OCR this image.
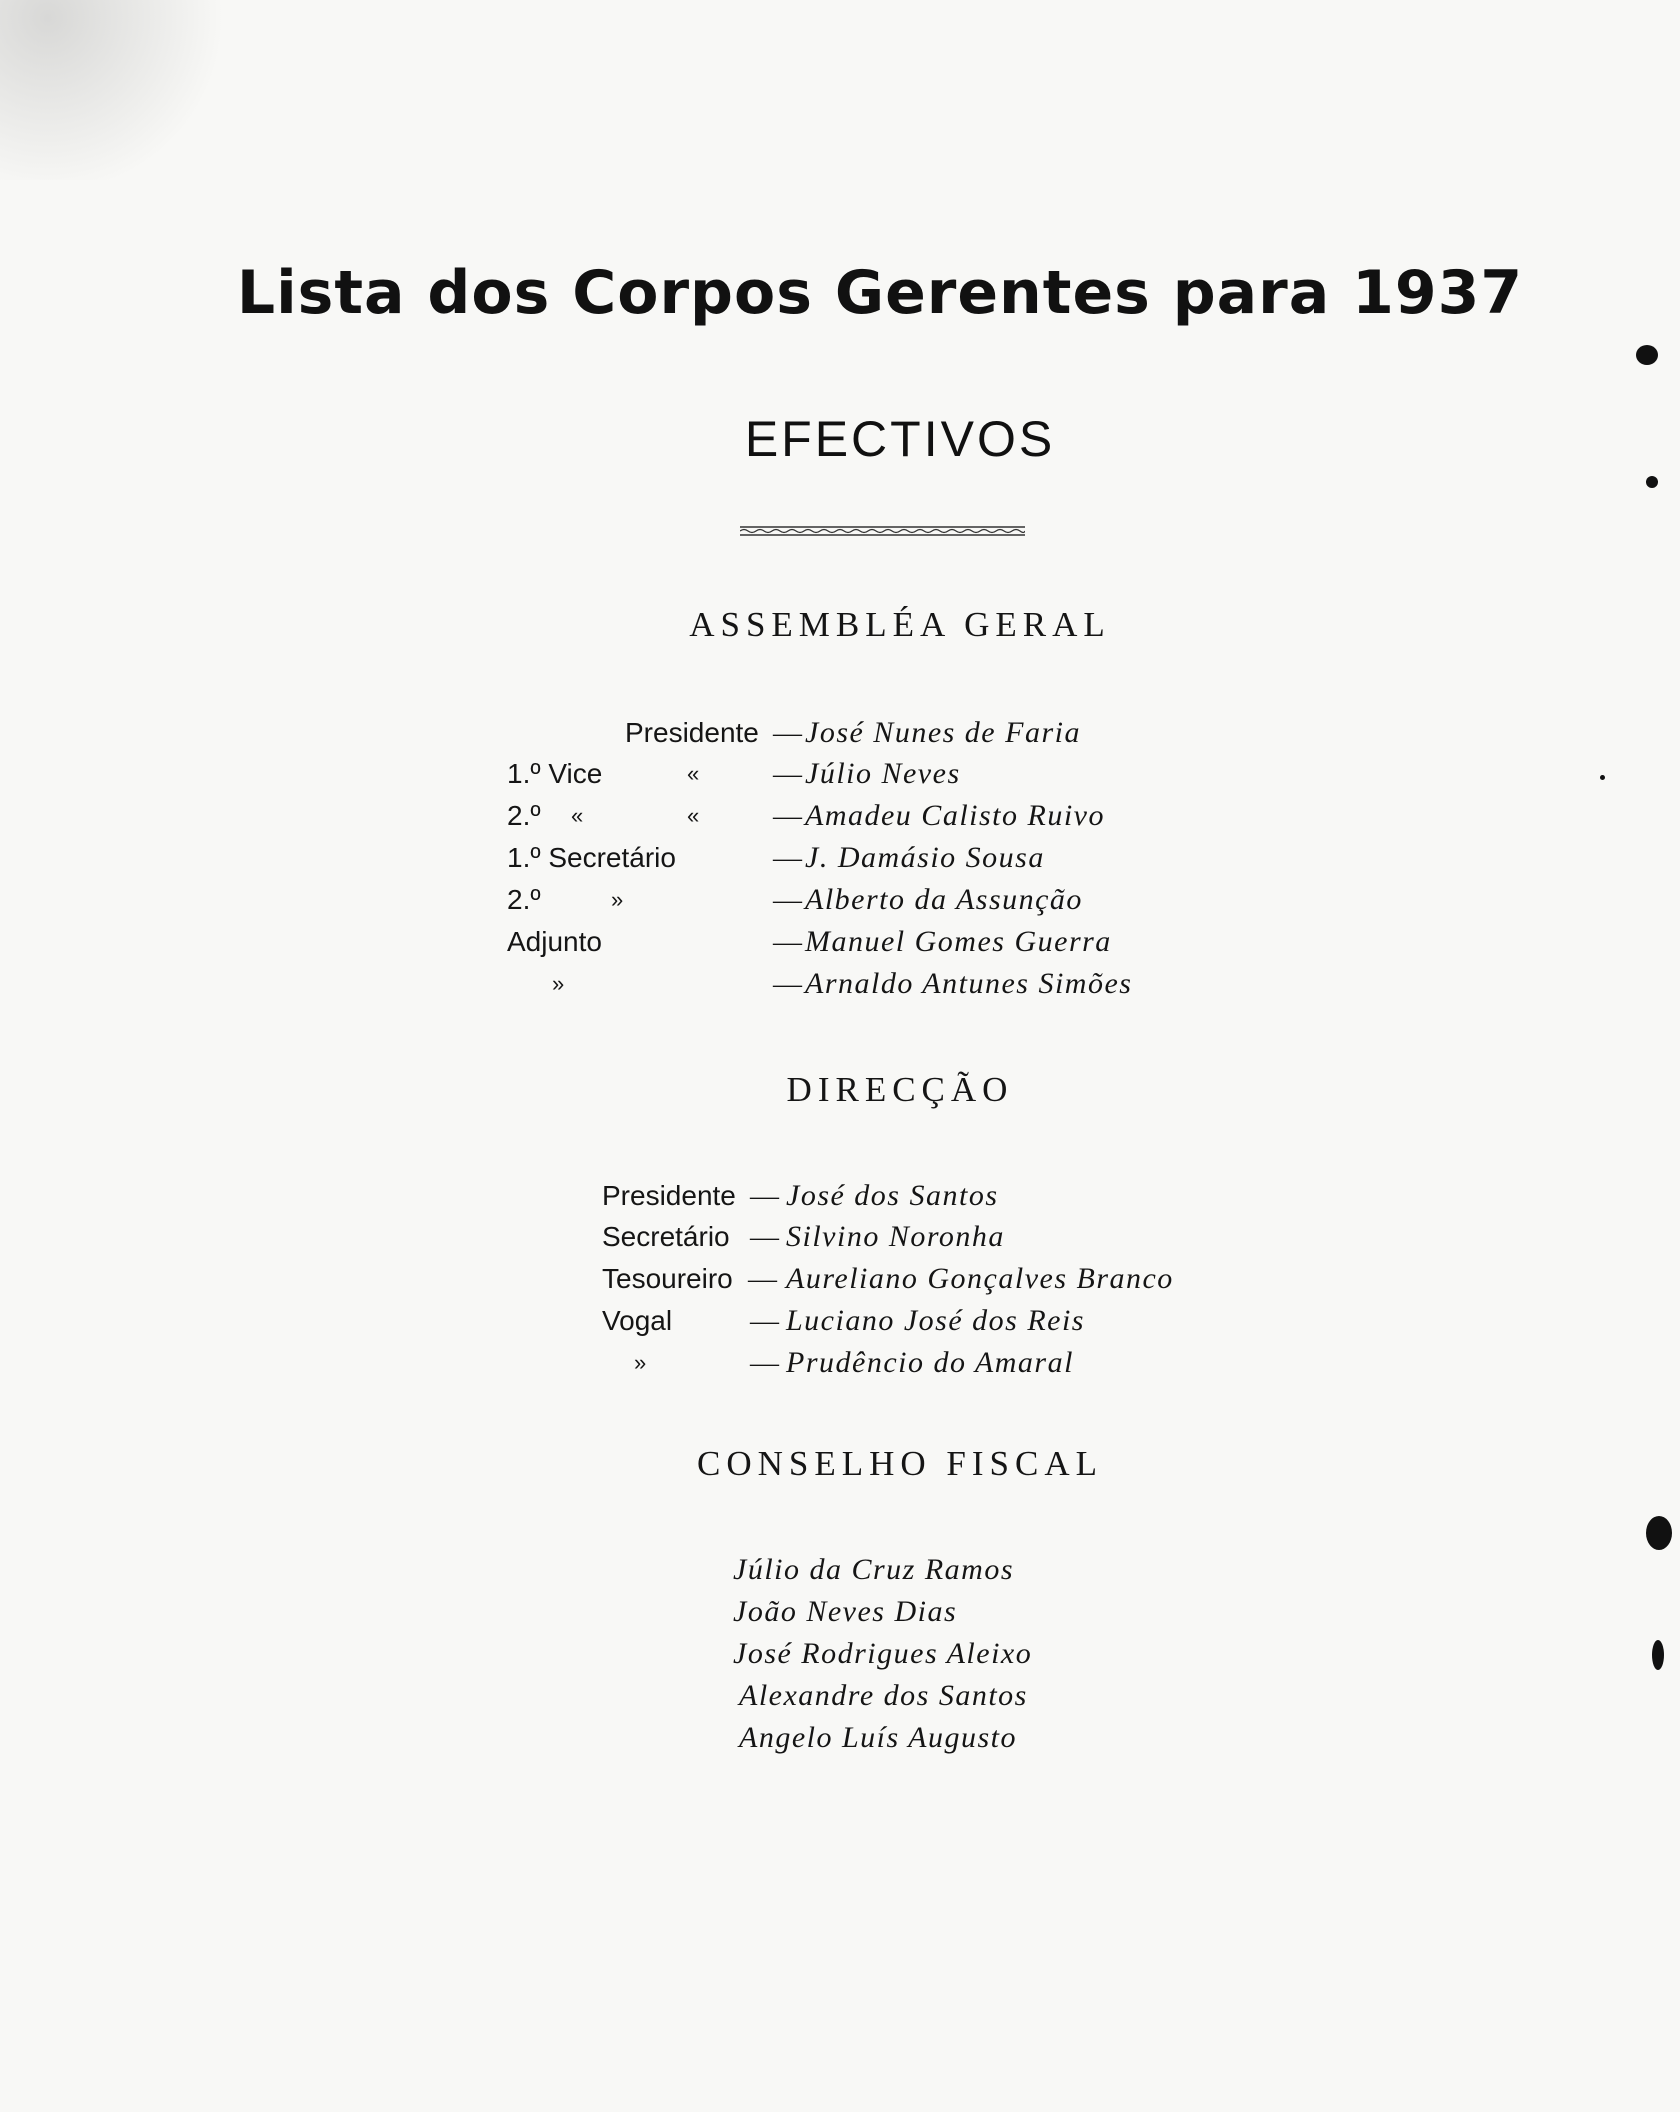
Lista dos Corpos Gerentes para 1937
EFECTIVOS
ASSEMBLÉA GERAL
Presidente — José Nunes de Faria
1.º Vice	«	— Júlio Neves
2.º «	«	— Amadeu Calisto Ruivo
1.º Secretário	— J. Damásio Sousa
2.º	»	— Alberto da Assunção
Adjunto	— Manuel Gomes Guerra
»	— Arnaldo Antunes Simões
DIRECÇÃO
Presidente — José dos Santos
Secretário — Silvino Noronha
Tesoureiro — Aureliano Gonçalves Branco
Vogal	— Luciano José dos Reis
»	— Prudêncio do Amaral
CONSELHO FISCAL
Júlio da Cruz Ramos
João Neves Dias
José Rodrigues Aleixo
Alexandre dos Santos
Angelo Luís Augusto
